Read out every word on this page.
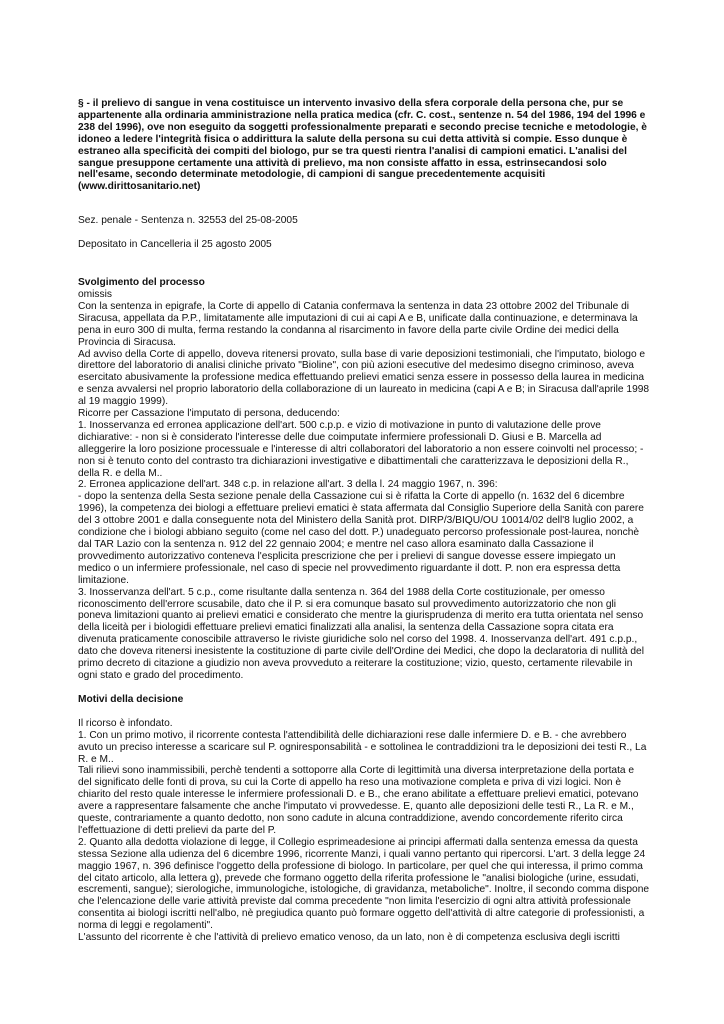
§ - il prelievo di sangue in vena costituisce un intervento invasivo della sfera corporale della persona che, pur se appartenente alla ordinaria amministrazione nella pratica medica (cfr. C. cost., sentenze n. 54 del 1986, 194 del 1996 e 238 del 1996), ove non eseguito da soggetti professionalmente preparati e secondo precise tecniche e metodologie, è idoneo a ledere l'integrità fisica o addirittura la salute della persona su cui detta attività si compie. Esso dunque è estraneo alla specificità dei compiti del biologo, pur se tra questi rientra l'analisi di campioni ematici. L'analisi del sangue presuppone certamente una attività di prelievo, ma non consiste affatto in essa, estrinsecandosi solo nell'esame, secondo determinate metodologie, di campioni di sangue precedentemente acquisiti (www.dirittosanitario.net)

Sez. penale - Sentenza n. 32553 del 25-08-2005

Depositato in Cancelleria il 25 agosto 2005

Svolgimento del processo

omissis

Con la sentenza in epigrafe, la Corte di appello di Catania confermava la sentenza in data 23 ottobre 2002 del Tribunale di Siracusa, appellata da P.P., limitatamente alle imputazioni di cui ai capi A e B, unificate dalla continuazione, e determinava la pena in euro 300 di multa, ferma restando la condanna al risarcimento in favore della parte civile Ordine dei medici della Provincia di Siracusa.

Ad avviso della Corte di appello, doveva ritenersi provato, sulla base di varie deposizioni testimoniali, che l'imputato, biologo e direttore del laboratorio di analisi cliniche privato "Bioline", con più azioni esecutive del medesimo disegno criminoso, aveva esercitato abusivamente la professione medica effettuando prelievi ematici senza essere in possesso della laurea in medicina e senza avvalersi nel proprio laboratorio della collaborazione di un laureato in medicina (capi A e B; in Siracusa dall'aprile 1998 al 19 maggio 1999).

Ricorre per Cassazione l'imputato di persona, deducendo:

1. Inosservanza ed erronea applicazione dell'art. 500 c.p.p. e vizio di motivazione in punto di valutazione delle prove dichiarative: - non si è considerato l'interesse delle due coimputate infermiere professionali D. Giusi e B. Marcella ad alleggerire la loro posizione processuale e l'interesse di altri collaboratori del laboratorio a non essere coinvolti nel processo; - non si è tenuto conto del contrasto tra dichiarazioni investigative e dibattimentali che caratterizzava le deposizioni della R., della R. e della M..

2. Erronea applicazione dell'art. 348 c.p. in relazione all'art. 3 della l. 24 maggio 1967, n. 396:

- dopo la sentenza della Sesta sezione penale della Cassazione cui si è rifatta la Corte di appello (n. 1632 del 6 dicembre 1996), la competenza dei biologi a effettuare prelievi ematici è stata affermata dal Consiglio Superiore della Sanità con parere del 3 ottobre 2001 e dalla conseguente nota del Ministero della Sanità prot. DIRP/3/BIQU/OU 10014/02 dell'8 luglio 2002, a condizione che i biologi abbiano seguito (come nel caso del dott. P.) unadeguato percorso professionale post-laurea, nonchè dal TAR Lazio con la sentenza n. 912 del 22 gennaio 2004; e mentre nel caso allora esaminato dalla Cassazione il provvedimento autorizzativo conteneva l'esplicita prescrizione che per i prelievi di sangue dovesse essere impiegato un medico o un infermiere professionale, nel caso di specie nel provvedimento riguardante il dott. P. non era espressa detta limitazione.

3. Inosservanza dell'art. 5 c.p., come risultante dalla sentenza n. 364 del 1988 della Corte costituzionale, per omesso riconoscimento dell'errore scusabile, dato che il P. si era comunque basato sul provvedimento autorizzatorio che non gli poneva limitazioni quanto ai prelievi ematici e considerato che mentre la giurisprudenza di merito era tutta orientata nel senso della liceità per i biologidi effettuare prelievi ematici finalizzati alla analisi, la sentenza della Cassazione sopra citata era divenuta praticamente conoscibile attraverso le riviste giuridiche solo nel corso del 1998. 4. Inosservanza dell'art. 491 c.p.p., dato che doveva ritenersi inesistente la costituzione di parte civile dell'Ordine dei Medici, che dopo la declaratoria di nullità del primo decreto di citazione a giudizio non aveva provveduto a reiterare la costituzione; vizio, questo, certamente rilevabile in ogni stato e grado del procedimento.

Motivi della decisione

Il ricorso è infondato.

1. Con un primo motivo, il ricorrente contesta l'attendibilità delle dichiarazioni rese dalle infermiere D. e B. - che avrebbero avuto un preciso interesse a scaricare sul P. ogniresponsabilità - e sottolinea le contraddizioni tra le deposizioni dei testi R., La R. e M..

Tali rilievi sono inammissibili, perchè tendenti a sottoporre alla Corte di legittimità una diversa interpretazione della portata e del significato delle fonti di prova, su cui la Corte di appello ha reso una motivazione completa e priva di vizi logici. Non è chiarito del resto quale interesse le infermiere professionali D. e B., che erano abilitate a effettuare prelievi ematici, potevano avere a rappresentare falsamente che anche l'imputato vi provvedesse. E, quanto alle deposizioni delle testi R., La R. e M., queste, contrariamente a quanto dedotto, non sono cadute in alcuna contraddizione, avendo concordemente riferito circa l'effettuazione di detti prelievi da parte del P.

2. Quanto alla dedotta violazione di legge, il Collegio esprimeadesione ai principi affermati dalla sentenza emessa da questa stessa Sezione alla udienza del 6 dicembre 1996, ricorrente Manzi, i quali vanno pertanto qui ripercorsi. L'art. 3 della legge 24 maggio 1967, n. 396 definisce l'oggetto della professione di biologo. In particolare, per quel che qui interessa, il primo comma del citato articolo, alla lettera g), prevede che formano oggetto della riferita professione le "analisi biologiche (urine, essudati, escrementi, sangue); sierologiche, immunologiche, istologiche, di gravidanza, metaboliche". Inoltre, il secondo comma dispone che l'elencazione delle varie attività previste dal comma precedente "non limita l'esercizio di ogni altra attività professionale consentita ai biologi iscritti nell'albo, nè pregiudica quanto può formare oggetto dell'attività di altre categorie di professionisti, a norma di leggi e regolamenti".

L'assunto del ricorrente è che l'attività di prelievo ematico venoso, da un lato, non è di competenza esclusiva degli iscritti
